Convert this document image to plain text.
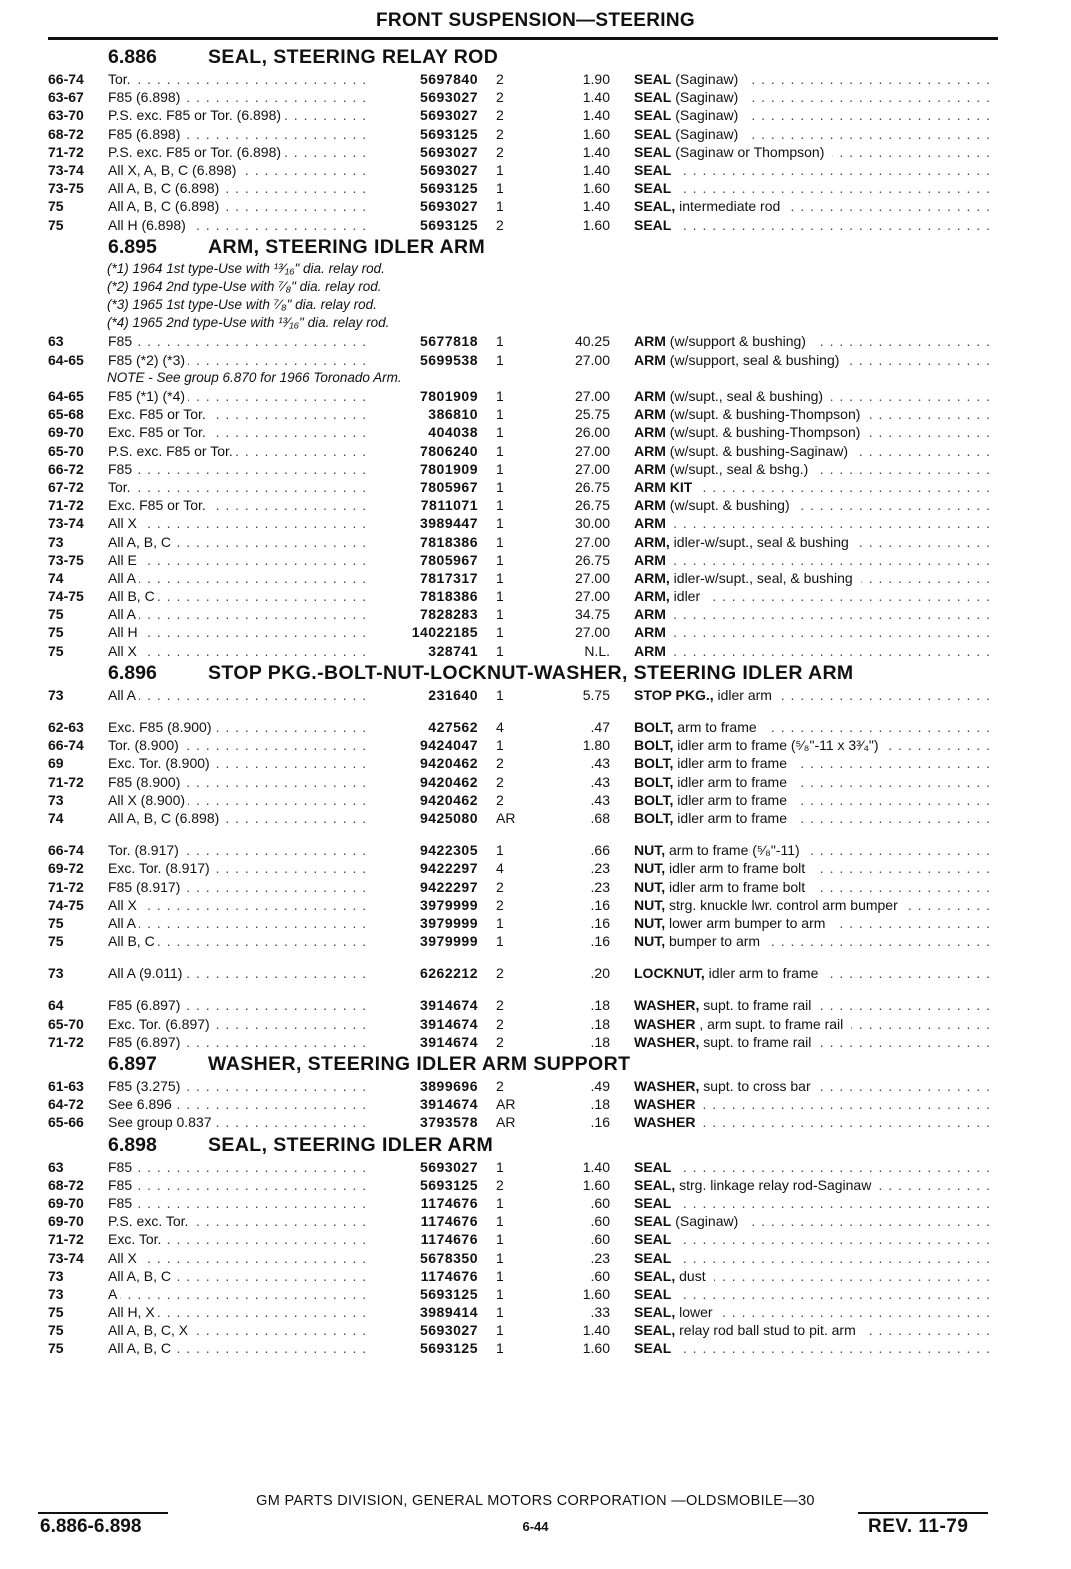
FRONT SUSPENSION—STEERING
6.886	SEAL, STEERING RELAY ROD
66-74	Tor. . . .	5697840 2	1.90 SEAL (Saginaw) . . .
63-67	F85 (6.898) . . .	5693027 2	1.40 SEAL (Saginaw) . . .
63-70	P.S. exc. F85 or Tor. (6.898) . . .	5693027 2	1.40 SEAL (Saginaw) . . .
68-72	F85 (6.898) . . .	5693125 2	1.60 SEAL (Saginaw) . . .
71-72	P.S. exc. F85 or Tor. (6.898) . . .	5693027 2	1.40 SEAL (Saginaw or Thompson) . . .
73-74	All X, A, B, C (6.898) . . .	5693027 1	1.40 SEAL . . .
73-75	All A, B, C (6.898) . . .	5693125 1	1.60 SEAL . . .
75	All A, B, C (6.898) . . .	5693027 1	1.40 SEAL, intermediate rod . . .
75	All H (6.898) . . .	5693125 2	1.60 SEAL . . .
6.895	ARM, STEERING IDLER ARM
(*1) 1964 1st type-Use with ¹³⁄₁₆" dia. relay rod.
(*2) 1964 2nd type-Use with ⁷⁄₈" dia. relay rod.
(*3) 1965 1st type-Use with ⁷⁄₈" dia. relay rod.
(*4) 1965 2nd type-Use with ¹³⁄₁₆" dia. relay rod.
63	F85 . . .	5677818 1	40.25 ARM (w/support & bushing) . . .
64-65	F85 (*2) (*3) . . .	5699538 1	27.00 ARM (w/support, seal & bushing) . . .
NOTE - See group 6.870 for 1966 Toronado Arm.
64-65	F85 (*1) (*4) . . .	7801909 1	27.00 ARM (w/supt., seal & bushing) . . .
65-68	Exc. F85 or Tor. . . .	386810 1	25.75 ARM (w/supt. & bushing-Thompson) . . .
69-70	Exc. F85 or Tor. . . .	404038 1	26.00 ARM (w/supt. & bushing-Thompson) . . .
65-70	P.S. exc. F85 or Tor. . . .	7806240 1	27.00 ARM (w/supt. & bushing-Saginaw) . . .
66-72	F85 . . .	7801909 1	27.00 ARM (w/supt., seal & bshg.) . . .
67-72	Tor. . . .	7805967 1	26.75 ARM KIT . . .
71-72	Exc. F85 or Tor. . . .	7811071 1	26.75 ARM (w/supt. & bushing) . . .
73-74	All X . . .	3989447 1	30.00 ARM . . .
73	All A, B, C . . .	7818386 1	27.00 ARM, idler-w/supt., seal & bushing . . .
73-75	All E . . .	7805967 1	26.75 ARM . . .
74	All A . . .	7817317 1	27.00 ARM, idler-w/supt., seal, & bushing . . .
74-75	All B, C . . .	7818386 1	27.00 ARM, idler . . .
75	All A . . .	7828283 1	34.75 ARM . . .
75	All H . . .	14022185 1	27.00 ARM . . .
75	All X . . .	328741 1	N.L. ARM . . .
6.896	STOP PKG.-BOLT-NUT-LOCKNUT-WASHER, STEERING IDLER ARM
73	All A . . .	231640 1	5.75 STOP PKG., idler arm . . .
62-63	Exc. F85 (8.900) . . .	427562 4	.47 BOLT, arm to frame . . .
66-74	Tor. (8.900) . . .	9424047 1	1.80 BOLT, idler arm to frame (⁵⁄₈"-11 x 3³⁄₄") . . .
69	Exc. Tor. (8.900) . . .	9420462 2	.43 BOLT, idler arm to frame . . .
71-72	F85 (8.900) . . .	9420462 2	.43 BOLT, idler arm to frame . . .
73	All X (8.900) . . .	9420462 2	.43 BOLT, idler arm to frame . . .
74	All A, B, C (6.898) . . .	9425080 AR	.68 BOLT, idler arm to frame . . .
66-74	Tor. (8.917) . . .	9422305 1	.66 NUT, arm to frame (⁵⁄₈"-11) . . .
69-72	Exc. Tor. (8.917) . . .	9422297 4	.23 NUT, idler arm to frame bolt . . .
71-72	F85 (8.917) . . .	9422297 2	.23 NUT, idler arm to frame bolt . . .
74-75	All X . . .	3979999 2	.16 NUT, strg. knuckle lwr. control arm bumper . . .
75	All A . . .	3979999 1	.16 NUT, lower arm bumper to arm . . .
75	All B, C . . .	3979999 1	.16 NUT, bumper to arm . . .
73	All A (9.011) . . .	6262212 2	.20 LOCKNUT, idler arm to frame . . .
64	F85 (6.897) . . .	3914674 2	.18 WASHER, supt. to frame rail . . .
65-70	Exc. Tor. (6.897) . . .	3914674 2	.18 WASHER , arm supt. to frame rail . . .
71-72	F85 (6.897) . . .	3914674 2	.18 WASHER, supt. to frame rail . . .
6.897	WASHER, STEERING IDLER ARM SUPPORT
61-63	F85 (3.275) . . .	3899696 2	.49 WASHER, supt. to cross bar . . .
64-72	See 6.896 . . .	3914674 AR	.18 WASHER . . .
65-66	See group 0.837 . . .	3793578 AR	.16 WASHER . . .
6.898	SEAL, STEERING IDLER ARM
63	F85 . . .	5693027 1	1.40 SEAL . . .
68-72	F85 . . .	5693125 2	1.60 SEAL, strg. linkage relay rod-Saginaw . . .
69-70	F85 . . .	1174676 1	.60 SEAL . . .
69-70	P.S. exc. Tor. . . .	1174676 1	.60 SEAL (Saginaw) . . .
71-72	Exc. Tor. . . .	1174676 1	.60 SEAL . . .
73-74	All X . . .	5678350 1	.23 SEAL . . .
73	All A, B, C . . .	1174676 1	.60 SEAL, dust . . .
73	A . . .	5693125 1	1.60 SEAL . . .
75	All H, X . . .	3989414 1	.33 SEAL, lower . . .
75	All A, B, C, X . . .	5693027 1	1.40 SEAL, relay rod ball stud to pit. arm . . .
75	All A, B, C . . .	5693125 1	1.60 SEAL . . .
6.886-6.898
GM PARTS DIVISION, GENERAL MOTORS CORPORATION —OLDSMOBILE—30
6-44	REV. 11-79
